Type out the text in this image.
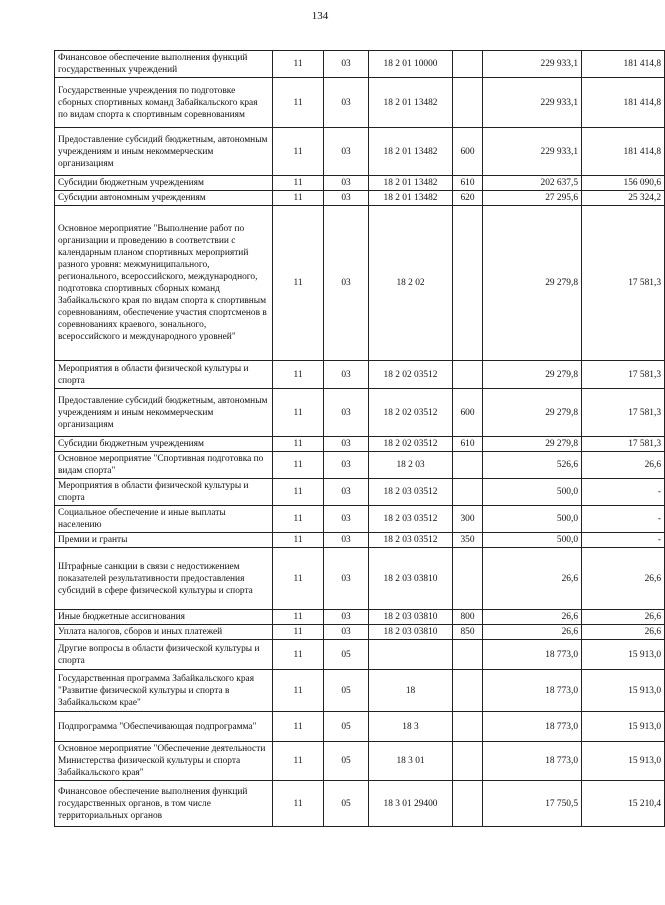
134
Финансовое обеспечение выполнения функций государственных учреждений	11	03	18 2 01 10000		229 933,1	181 414,8
Государственные учреждения по подготовке сборных спортивных команд Забайкальского края по видам спорта к спортивным соревнованиям	11	03	18 2 01 13482		229 933,1	181 414,8
Предоставление субсидий бюджетным, автономным учреждениям и иным некоммерческим организациям	11	03	18 2 01 13482	600	229 933,1	181 414,8
Субсидии бюджетным учреждениям	11	03	18 2 01 13482	610	202 637,5	156 090,6
Субсидии автономным учреждениям	11	03	18 2 01 13482	620	27 295,6	25 324,2
Основное мероприятие "Выполнение работ по организации и проведению в соответствии с календарным планом спортивных мероприятий разного уровня: межмуниципального, регионального, всероссийского, международного, подготовка спортивных сборных команд Забайкальского края по видам спорта к спортивным соревнованиям, обеспечение участия спортсменов в соревнованиях краевого, зонального, всероссийского и международного уровней"	11	03	18 2 02		29 279,8	17 581,3
Мероприятия в области физической культуры и спорта	11	03	18 2 02 03512		29 279,8	17 581,3
Предоставление субсидий бюджетным, автономным учреждениям и иным некоммерческим организациям	11	03	18 2 02 03512	600	29 279,8	17 581,3
Субсидии бюджетным учреждениям	11	03	18 2 02 03512	610	29 279,8	17 581,3
Основное мероприятие "Спортивная подготовка по видам спорта"	11	03	18 2 03		526,6	26,6
Мероприятия в области физической культуры и спорта	11	03	18 2 03 03512		500,0	-
Социальное обеспечение и иные выплаты населению	11	03	18 2 03 03512	300	500,0	-
Премии и гранты	11	03	18 2 03 03512	350	500,0	-
Штрафные санкции в связи с недостижением показателей результативности предоставления субсидий в сфере физической культуры и спорта	11	03	18 2 03 03810		26,6	26,6
Иные бюджетные ассигнования	11	03	18 2 03 03810	800	26,6	26,6
Уплата налогов, сборов и иных платежей	11	03	18 2 03 03810	850	26,6	26,6
Другие вопросы в области физической культуры и спорта	11	05			18 773,0	15 913,0
Государственная программа Забайкальского края "Развитие физической культуры и спорта в Забайкальском крае"	11	05	18		18 773,0	15 913,0
Подпрограмма "Обеспечивающая подпрограмма"	11	05	18 3		18 773,0	15 913,0
Основное мероприятие "Обеспечение деятельности Министерства физической культуры и спорта Забайкальского края"	11	05	18 3 01		18 773,0	15 913,0
Финансовое обеспечение выполнения функций государственных органов, в том числе территориальных органов	11	05	18 3 01 29400		17 750,5	15 210,4
